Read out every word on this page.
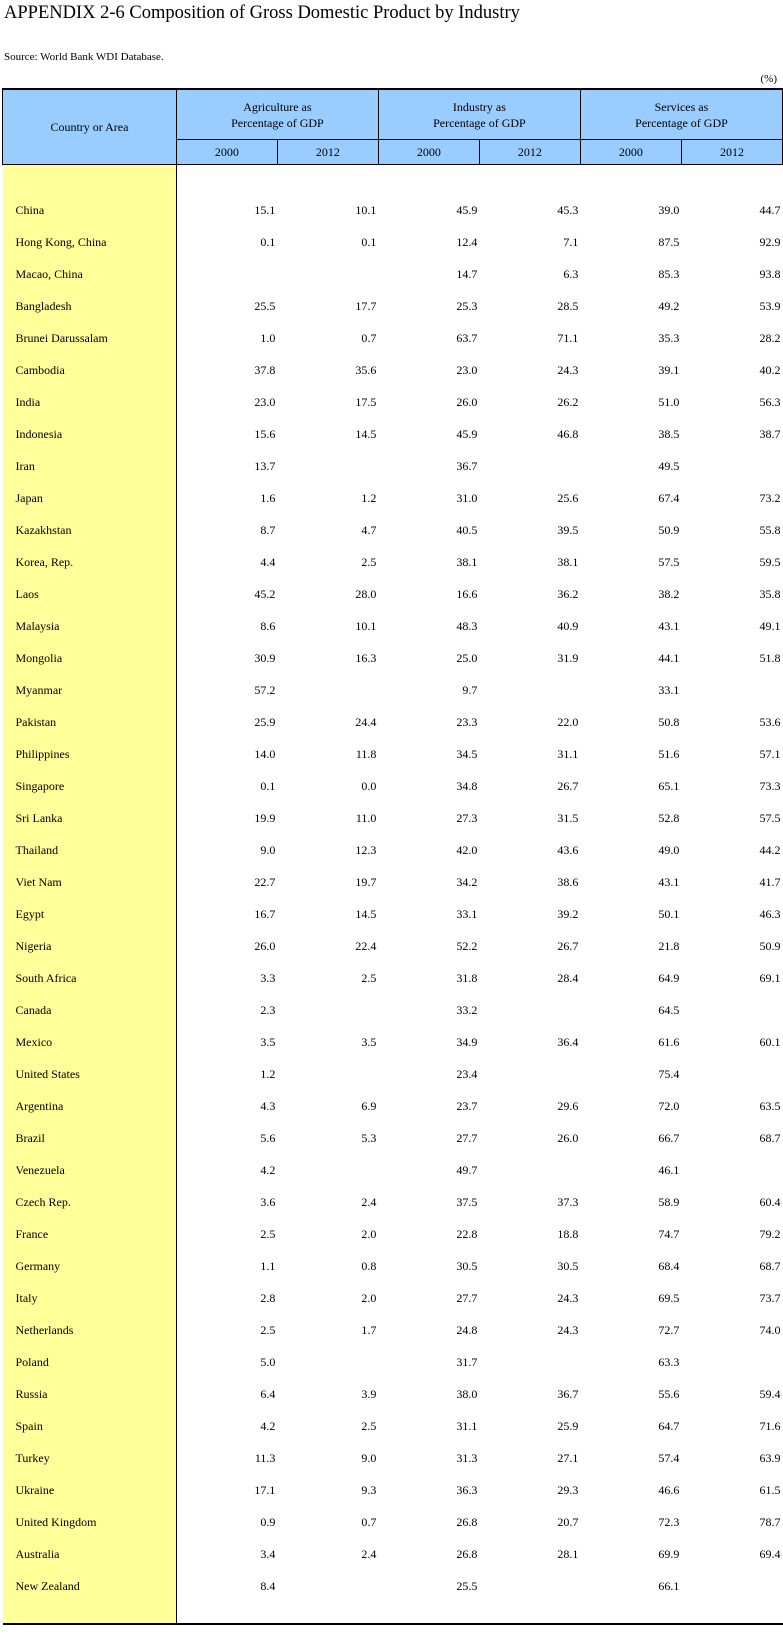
APPENDIX 2-6 Composition of Gross Domestic Product by Industry
Source: World Bank WDI Database.
(%)
Country or Area	Agriculture as
Percentage of GDP		Industry as
Percentage of GDP		Services as
Percentage of GDP	
	2000	2012	2000	2012	2000	2012

China	15.1	10.1	45.9	45.3	39.0	44.7
Hong Kong, China	0.1	0.1	12.4	7.1	87.5	92.9
Macao, China			14.7	6.3	85.3	93.8
Bangladesh	25.5	17.7	25.3	28.5	49.2	53.9
Brunei Darussalam	1.0	0.7	63.7	71.1	35.3	28.2
Cambodia	37.8	35.6	23.0	24.3	39.1	40.2
India	23.0	17.5	26.0	26.2	51.0	56.3
Indonesia	15.6	14.5	45.9	46.8	38.5	38.7
Iran	13.7		36.7		49.5	
Japan	1.6	1.2	31.0	25.6	67.4	73.2
Kazakhstan	8.7	4.7	40.5	39.5	50.9	55.8
Korea, Rep.	4.4	2.5	38.1	38.1	57.5	59.5
Laos	45.2	28.0	16.6	36.2	38.2	35.8
Malaysia	8.6	10.1	48.3	40.9	43.1	49.1
Mongolia	30.9	16.3	25.0	31.9	44.1	51.8
Myanmar	57.2		9.7		33.1	
Pakistan	25.9	24.4	23.3	22.0	50.8	53.6
Philippines	14.0	11.8	34.5	31.1	51.6	57.1
Singapore	0.1	0.0	34.8	26.7	65.1	73.3
Sri Lanka	19.9	11.0	27.3	31.5	52.8	57.5
Thailand	9.0	12.3	42.0	43.6	49.0	44.2
Viet Nam	22.7	19.7	34.2	38.6	43.1	41.7
Egypt	16.7	14.5	33.1	39.2	50.1	46.3
Nigeria	26.0	22.4	52.2	26.7	21.8	50.9
South Africa	3.3	2.5	31.8	28.4	64.9	69.1
Canada	2.3		33.2		64.5	
Mexico	3.5	3.5	34.9	36.4	61.6	60.1
United States	1.2		23.4		75.4	
Argentina	4.3	6.9	23.7	29.6	72.0	63.5
Brazil	5.6	5.3	27.7	26.0	66.7	68.7
Venezuela	4.2		49.7		46.1	
Czech Rep.	3.6	2.4	37.5	37.3	58.9	60.4
France	2.5	2.0	22.8	18.8	74.7	79.2
Germany	1.1	0.8	30.5	30.5	68.4	68.7
Italy	2.8	2.0	27.7	24.3	69.5	73.7
Netherlands	2.5	1.7	24.8	24.3	72.7	74.0
Poland	5.0		31.7		63.3	
Russia	6.4	3.9	38.0	36.7	55.6	59.4
Spain	4.2	2.5	31.1	25.9	64.7	71.6
Turkey	11.3	9.0	31.3	27.1	57.4	63.9
Ukraine	17.1	9.3	36.3	29.3	46.6	61.5
United Kingdom	0.9	0.7	26.8	20.7	72.3	78.7
Australia	3.4	2.4	26.8	28.1	69.9	69.4
New Zealand	8.4		25.5		66.1	
